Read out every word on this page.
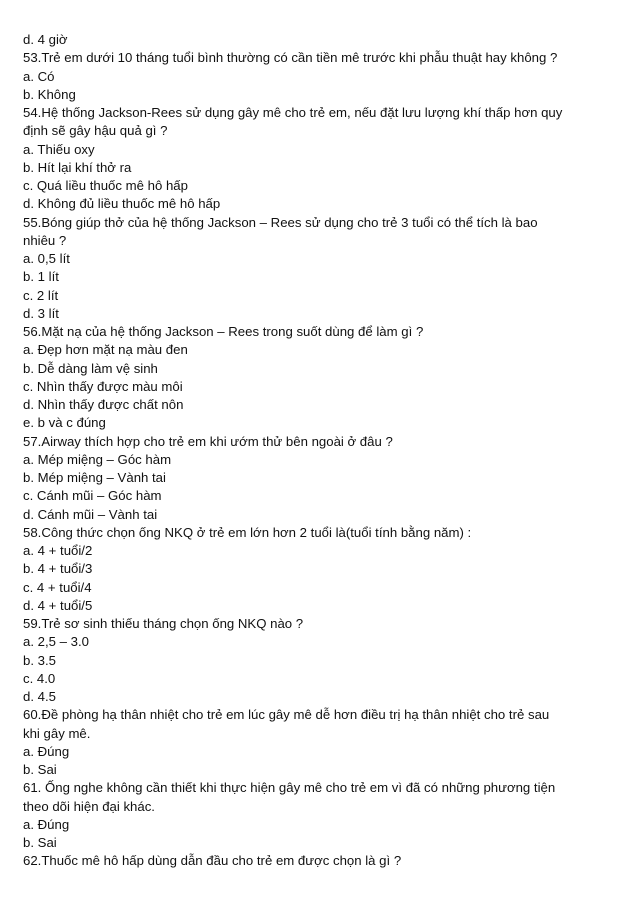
d. 4 giờ
53.Trẻ em dưới 10 tháng tuổi bình thường có cần tiền mê trước khi phẫu thuật hay không ?
a. Có
b. Không
54.Hệ thống Jackson-Rees sử dụng gây mê cho trẻ em, nếu đặt lưu lượng khí thấp hơn quy
định sẽ gây hậu quả gì ?
a. Thiếu oxy
b. Hít lại khí thở ra
c. Quá liều thuốc mê hô hấp
d. Không đủ liều thuốc mê hô hấp
55.Bóng giúp thở của hệ thống Jackson – Rees sử dụng cho trẻ 3 tuổi có thể tích là bao
nhiêu ?
a. 0,5 lít
b. 1 lít
c. 2 lít
d. 3 lít
56.Mặt nạ của hệ thống Jackson – Rees trong suốt dùng để làm gì ?
a. Đẹp hơn mặt nạ màu đen
b. Dễ dàng làm vệ sinh
c. Nhìn thấy được màu môi
d. Nhìn thấy được chất nôn
e. b và c đúng
57.Airway thích hợp cho trẻ em khi ướm thử bên ngoài ở đâu ?
a. Mép miệng – Góc hàm
b. Mép miệng – Vành tai
c. Cánh mũi – Góc hàm
d. Cánh mũi – Vành tai
58.Công thức chọn ống NKQ ở trẻ em lớn hơn 2 tuổi là(tuổi tính bằng năm) :
a. 4 + tuổi/2
b. 4 + tuổi/3
c. 4 + tuổi/4
d. 4 + tuổi/5
59.Trẻ sơ sinh thiếu tháng chọn ống NKQ nào ?
a. 2,5 – 3.0
b. 3.5
c. 4.0
d. 4.5
60.Đề phòng hạ thân nhiệt cho trẻ em lúc gây mê dễ hơn điều trị hạ thân nhiệt cho trẻ sau
khi gây mê.
a. Đúng
b. Sai
61. Ống nghe không cần thiết khi thực hiện gây mê cho trẻ em vì đã có những phương tiện
theo dõi hiện đại khác.
a. Đúng
b. Sai
62.Thuốc mê hô hấp dùng dẫn đầu cho trẻ em được chọn là gì ?
